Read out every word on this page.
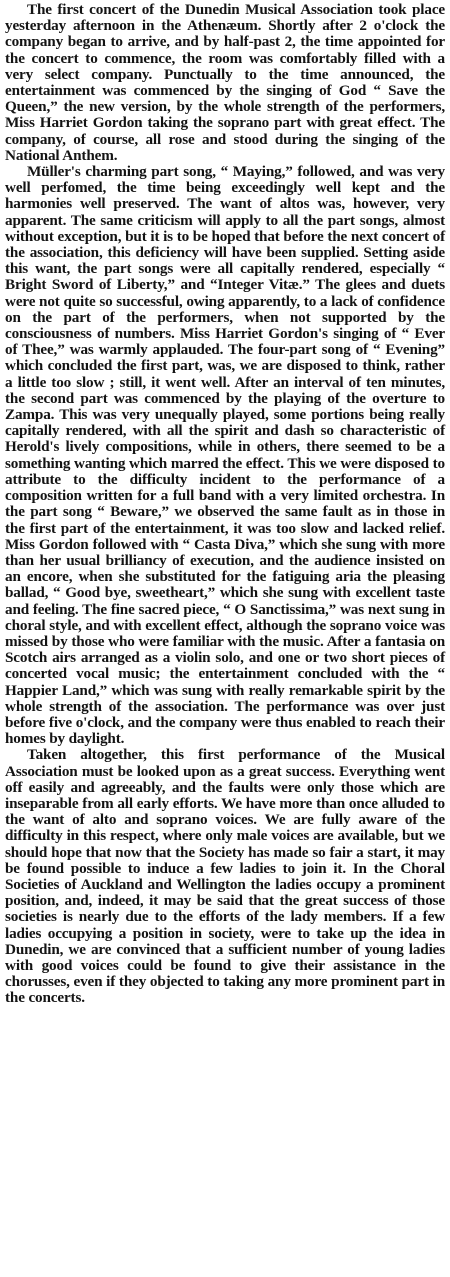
The first concert of the Dunedin Musical Association took place yesterday afternoon in the Athenæum. Shortly after 2 o'clock the company began to arrive, and by half-past 2, the time appointed for the concert to commence, the room was comfortably filled with a very select company. Punctually to the time announced, the entertainment was commenced by the singing of God “ Save the Queen,” the new version, by the whole strength of the performers, Miss Harriet Gordon taking the soprano part with great effect. The company, of course, all rose and stood during the singing of the National Anthem.

Müller's charming part song, “ Maying,” followed, and was very well perfomed, the time being exceedingly well kept and the harmonies well preserved. The want of altos was, however, very apparent. The same criticism will apply to all the part songs, almost without exception, but it is to be hoped that before the next concert of the association, this deficiency will have been supplied. Setting aside this want, the part songs were all capitally rendered, especially “ Bright Sword of Liberty,” and “Integer Vitæ.” The glees and duets were not quite so successful, owing apparently, to a lack of confidence on the part of the performers, when not supported by the consciousness of numbers. Miss Harriet Gordon's singing of “ Ever of Thee,” was warmly applauded. The four-part song of “ Evening” which concluded the first part, was, we are disposed to think, rather a little too slow ; still, it went well. After an interval of ten minutes, the second part was commenced by the playing of the overture to Zampa. This was very unequally played, some portions being really capitally rendered, with all the spirit and dash so characteristic of Herold's lively compositions, while in others, there seemed to be a something wanting which marred the effect. This we were disposed to attribute to the difficulty incident to the performance of a composition written for a full band with a very limited orchestra. In the part song “ Beware,” we observed the same fault as in those in the first part of the entertainment, it was too slow and lacked relief. Miss Gordon followed with “ Casta Diva,” which she sung with more than her usual brilliancy of execution, and the audience insisted on an encore, when she substituted for the fatiguing aria the pleasing ballad, “ Good bye, sweetheart,” which she sung with excellent taste and feeling. The fine sacred piece, “ O Sanctissima,” was next sung in choral style, and with excellent effect, although the soprano voice was missed by those who were familiar with the music. After a fantasia on Scotch airs arranged as a violin solo, and one or two short pieces of concerted vocal music; the entertainment concluded with the “ Happier Land,” which was sung with really remarkable spirit by the whole strength of the association. The performance was over just before five o'clock, and the company were thus enabled to reach their homes by daylight.

Taken altogether, this first performance of the Musical Association must be looked upon as a great success. Everything went off easily and agreeably, and the faults were only those which are inseparable from all early efforts. We have more than once alluded to the want of alto and soprano voices. We are fully aware of the difficulty in this respect, where only male voices are available, but we should hope that now that the Society has made so fair a start, it may be found possible to induce a few ladies to join it. In the Choral Societies of Auckland and Wellington the ladies occupy a prominent position, and, indeed, it may be said that the great success of those societies is nearly due to the efforts of the lady members. If a few ladies occupying a position in society, were to take up the idea in Dunedin, we are convinced that a sufficient number of young ladies with good voices could be found to give their assistance in the chorusses, even if they objected to taking any more prominent part in the concerts.
